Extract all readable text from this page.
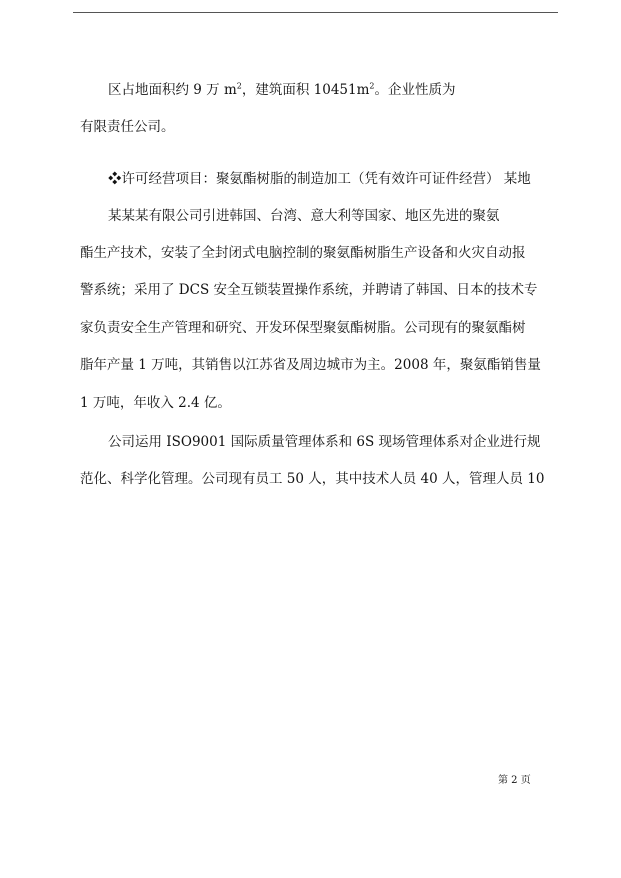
区占地面积约 9 万 $m^2$，建筑面积 $10451m^2$。企业性质为
有限责任公司。
❖许可经营项目：聚氨酯树脂的制造加工（凭有效许可证件经营） 某地
某某某有限公司引进韩国、台湾、意大利等国家、地区先进的聚氨
酯生产技术，安装了全封闭式电脑控制的聚氨酯树脂生产设备和火灾自动报
警系统；采用了 DCS 安全互锁装置操作系统，并聘请了韩国、日本的技术专
家负责安全生产管理和研究、开发环保型聚氨酯树脂。公司现有的聚氨酯树
脂年产量 1 万吨，其销售以江苏省及周边城市为主。2008 年，聚氨酯销售量
1 万吨，年收入 2.4 亿。
公司运用 ISO9001 国际质量管理体系和 6S 现场管理体系对企业进行规
范化、科学化管理。公司现有员工 50 人，其中技术人员 40 人，管理人员 10
第 2 页
